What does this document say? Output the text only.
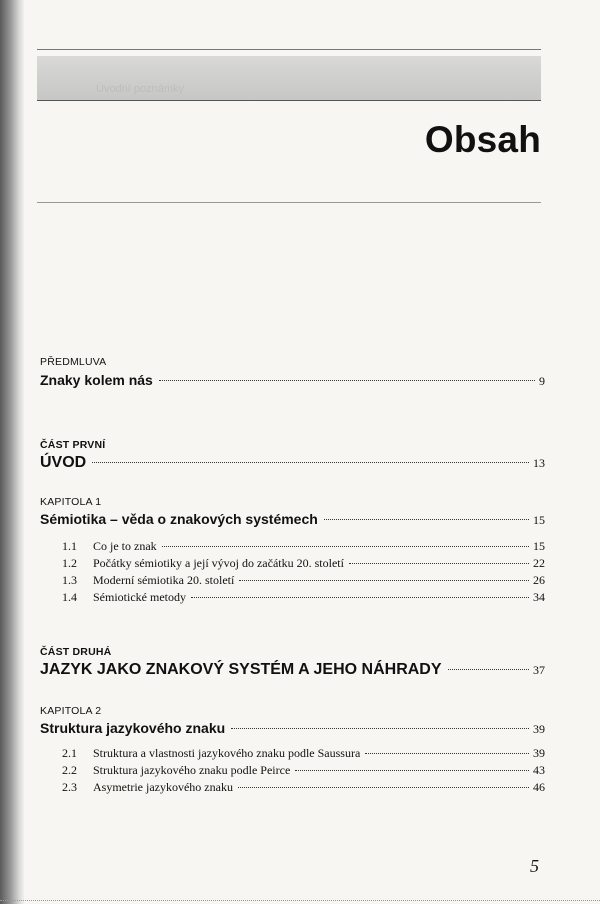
Úvodní poznámky
Obsah
PŘEDMLUVA
Znaky kolem nás	9
ČÁST PRVNÍ
ÚVOD	13
KAPITOLA 1
Sémiotika – věda o znakových systémech	15
1.1	Co je to znak	15
1.2	Počátky sémiotiky a její vývoj do začátku 20. století	22
1.3	Moderní sémiotika 20. století	26
1.4	Sémiotické metody	34
ČÁST DRUHÁ
JAZYK JAKO ZNAKOVÝ SYSTÉM A JEHO NÁHRADY	37
KAPITOLA 2
Struktura jazykového znaku	39
2.1	Struktura a vlastnosti jazykového znaku podle Saussura	39
2.2	Struktura jazykového znaku podle Peirce	43
2.3	Asymetrie jazykového znaku	46
5
